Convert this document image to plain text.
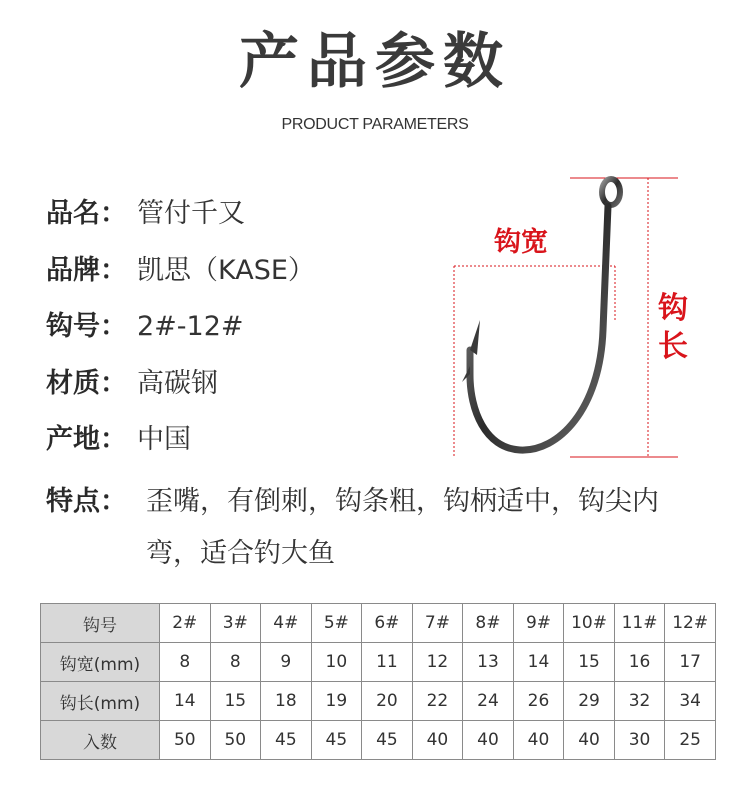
产品参数
PRODUCT PARAMETERS
品名： 管付千又
品牌： 凯思（KASE）
钩号： 2#-12#
材质： 高碳钢
产地： 中国
特点： 歪嘴，有倒刺，钩条粗，钩柄适中，钩尖内弯，适合钓大鱼
钩宽
钩长
钩号	2#	3#	4#	5#	6#	7#	8#	9#	10#	11#	12#
钩宽(mm)	8	8	9	10	11	12	13	14	15	16	17
钩长(mm)	14	15	18	19	20	22	24	26	29	32	34
入数	50	50	45	45	45	40	40	40	40	30	25
